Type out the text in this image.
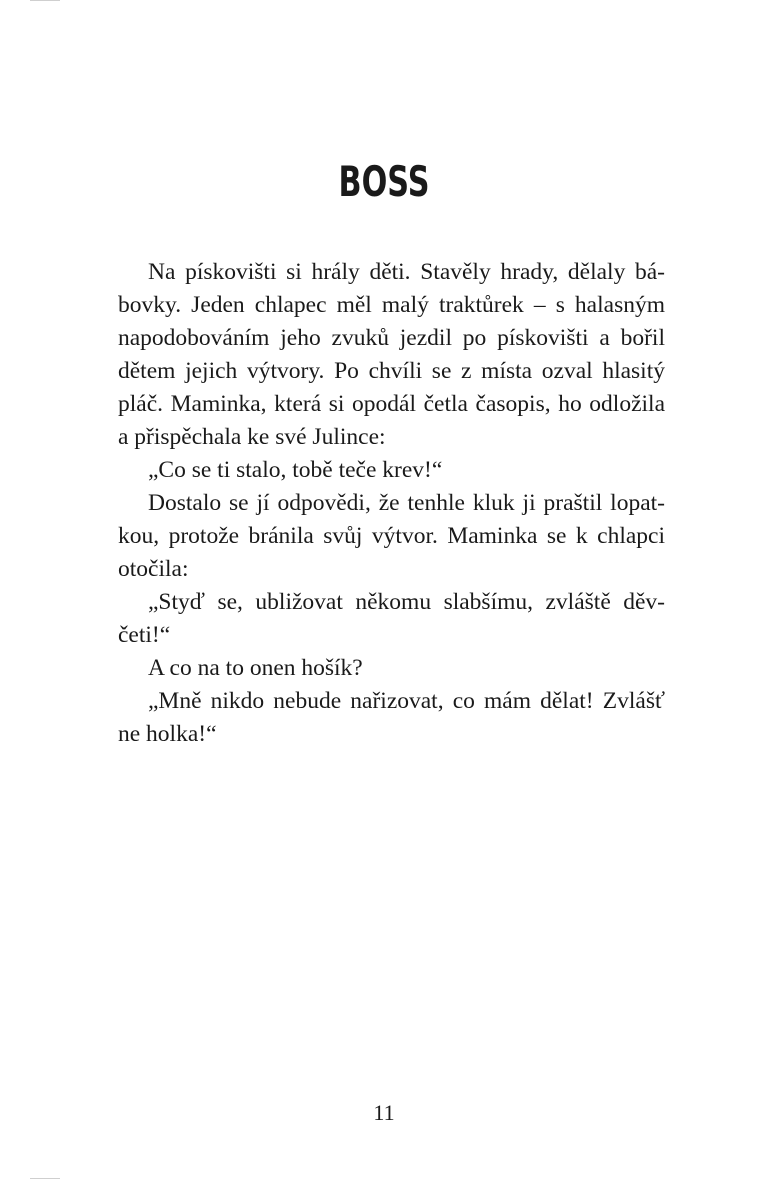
BOSS
Na pískovišti si hrály děti. Stavěly hrady, dělaly bá-
bovky. Jeden chlapec měl malý traktůrek – s halasným
napodobováním jeho zvuků jezdil po pískovišti a bořil
dětem jejich výtvory. Po chvíli se z místa ozval hlasitý
pláč. Maminka, která si opodál četla časopis, ho odložila
a přispěchala ke své Julince:
„Co se ti stalo, tobě teče krev!“
Dostalo se jí odpovědi, že tenhle kluk ji praštil lopat-
kou, protože bránila svůj výtvor. Maminka se k chlapci
otočila:
„Styď se, ubližovat někomu slabšímu, zvláště děv-
četi!“
A co na to onen hošík?
„Mně nikdo nebude nařizovat, co mám dělat! Zvlášť
ne holka!“
11
